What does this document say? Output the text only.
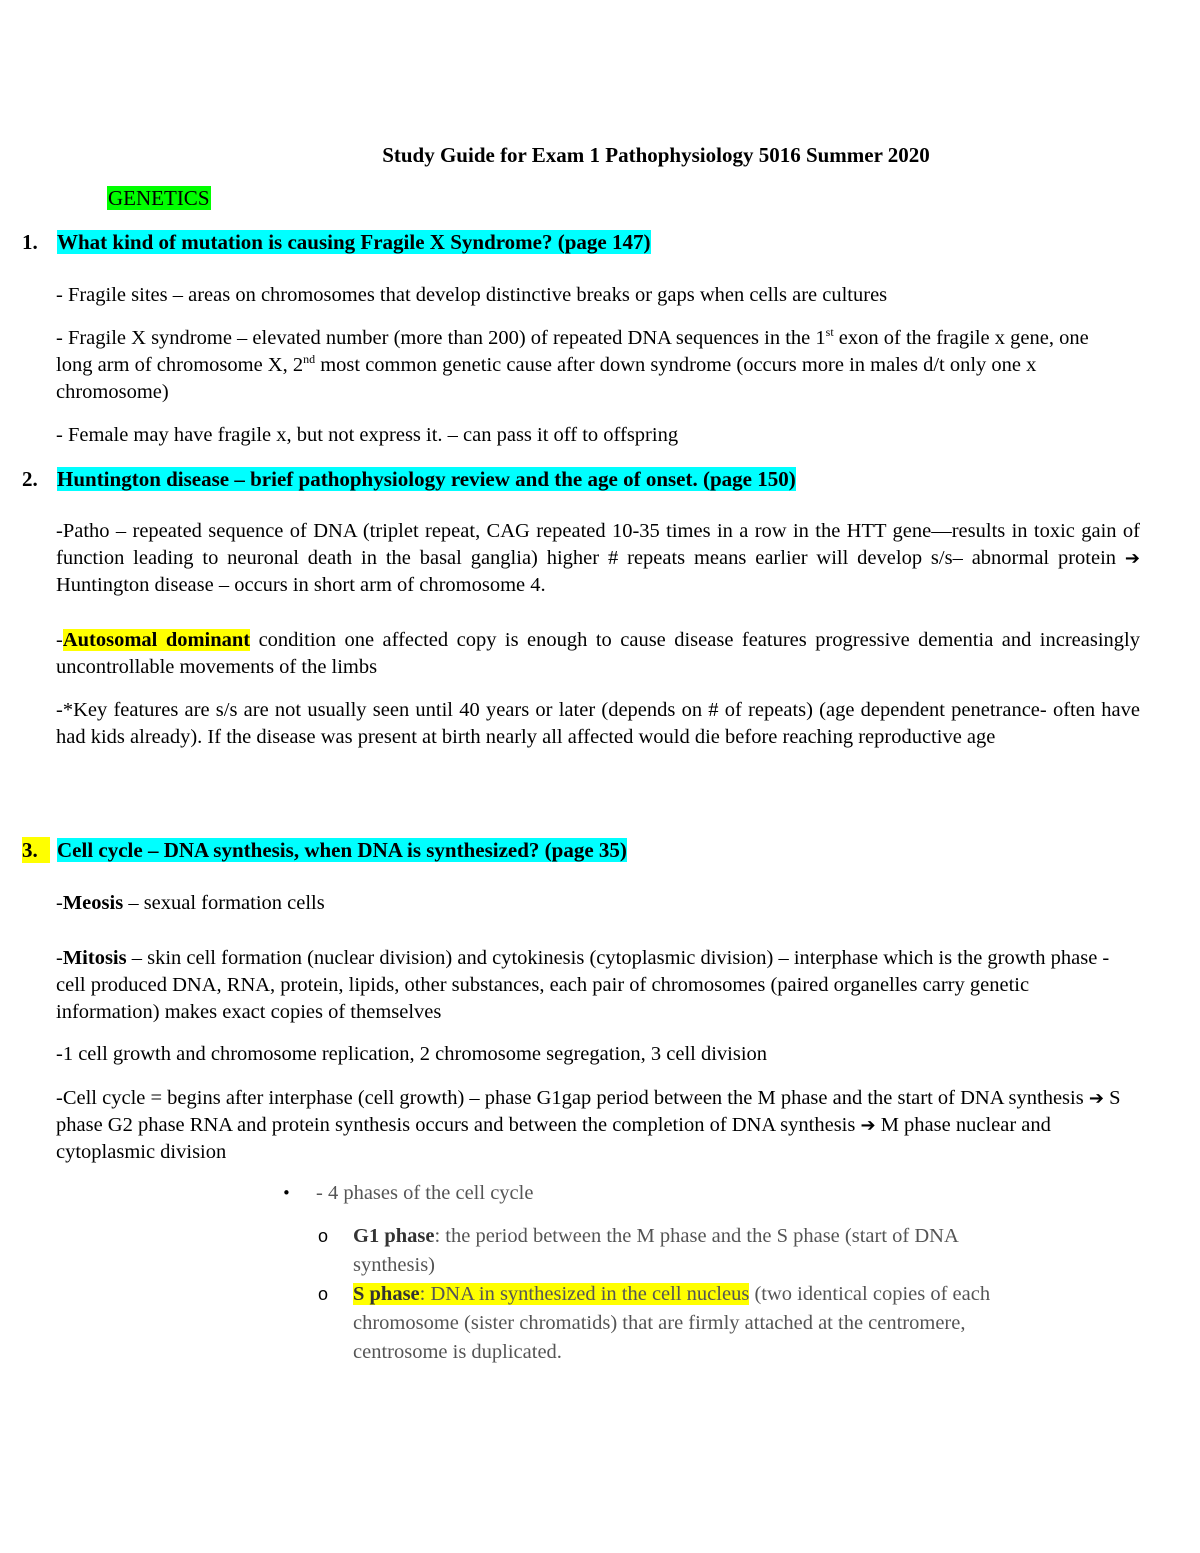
Study Guide for Exam 1 Pathophysiology 5016 Summer 2020
GENETICS
1. What kind of mutation is causing Fragile X Syndrome? (page 147)
- Fragile sites – areas on chromosomes that develop distinctive breaks or gaps when cells are cultures
- Fragile X syndrome – elevated number (more than 200) of repeated DNA sequences in the 1st exon of the fragile x gene, one long arm of chromosome X, 2nd most common genetic cause after down syndrome (occurs more in males d/t only one x chromosome)
- Female may have fragile x, but not express it. – can pass it off to offspring
2. Huntington disease – brief pathophysiology review and the age of onset. (page 150)
-Patho – repeated sequence of DNA (triplet repeat, CAG repeated 10-35 times in a row in the HTT gene—results in toxic gain of function leading to neuronal death in the basal ganglia) higher # repeats means earlier will develop s/s– abnormal protein ➔ Huntington disease – occurs in short arm of chromosome 4.
-Autosomal dominant condition one affected copy is enough to cause disease features progressive dementia and increasingly uncontrollable movements of the limbs
-*Key features are s/s are not usually seen until 40 years or later (depends on # of repeats) (age dependent penetrance- often have had kids already). If the disease was present at birth nearly all affected would die before reaching reproductive age
3. Cell cycle – DNA synthesis, when DNA is synthesized? (page 35)
-Meosis – sexual formation cells
-Mitosis – skin cell formation (nuclear division) and cytokinesis (cytoplasmic division) – interphase which is the growth phase - cell produced DNA, RNA, protein, lipids, other substances, each pair of chromosomes (paired organelles carry genetic information) makes exact copies of themselves
-1 cell growth and chromosome replication, 2 chromosome segregation, 3 cell division
-Cell cycle = begins after interphase (cell growth) – phase G1gap period between the M phase and the start of DNA synthesis ➔ S phase G2 phase RNA and protein synthesis occurs and between the completion of DNA synthesis ➔ M phase nuclear and cytoplasmic division
• - 4 phases of the cell cycle
o G1 phase: the period between the M phase and the S phase (start of DNA synthesis)
o S phase: DNA in synthesized in the cell nucleus (two identical copies of each chromosome (sister chromatids) that are firmly attached at the centromere, centrosome is duplicated.
